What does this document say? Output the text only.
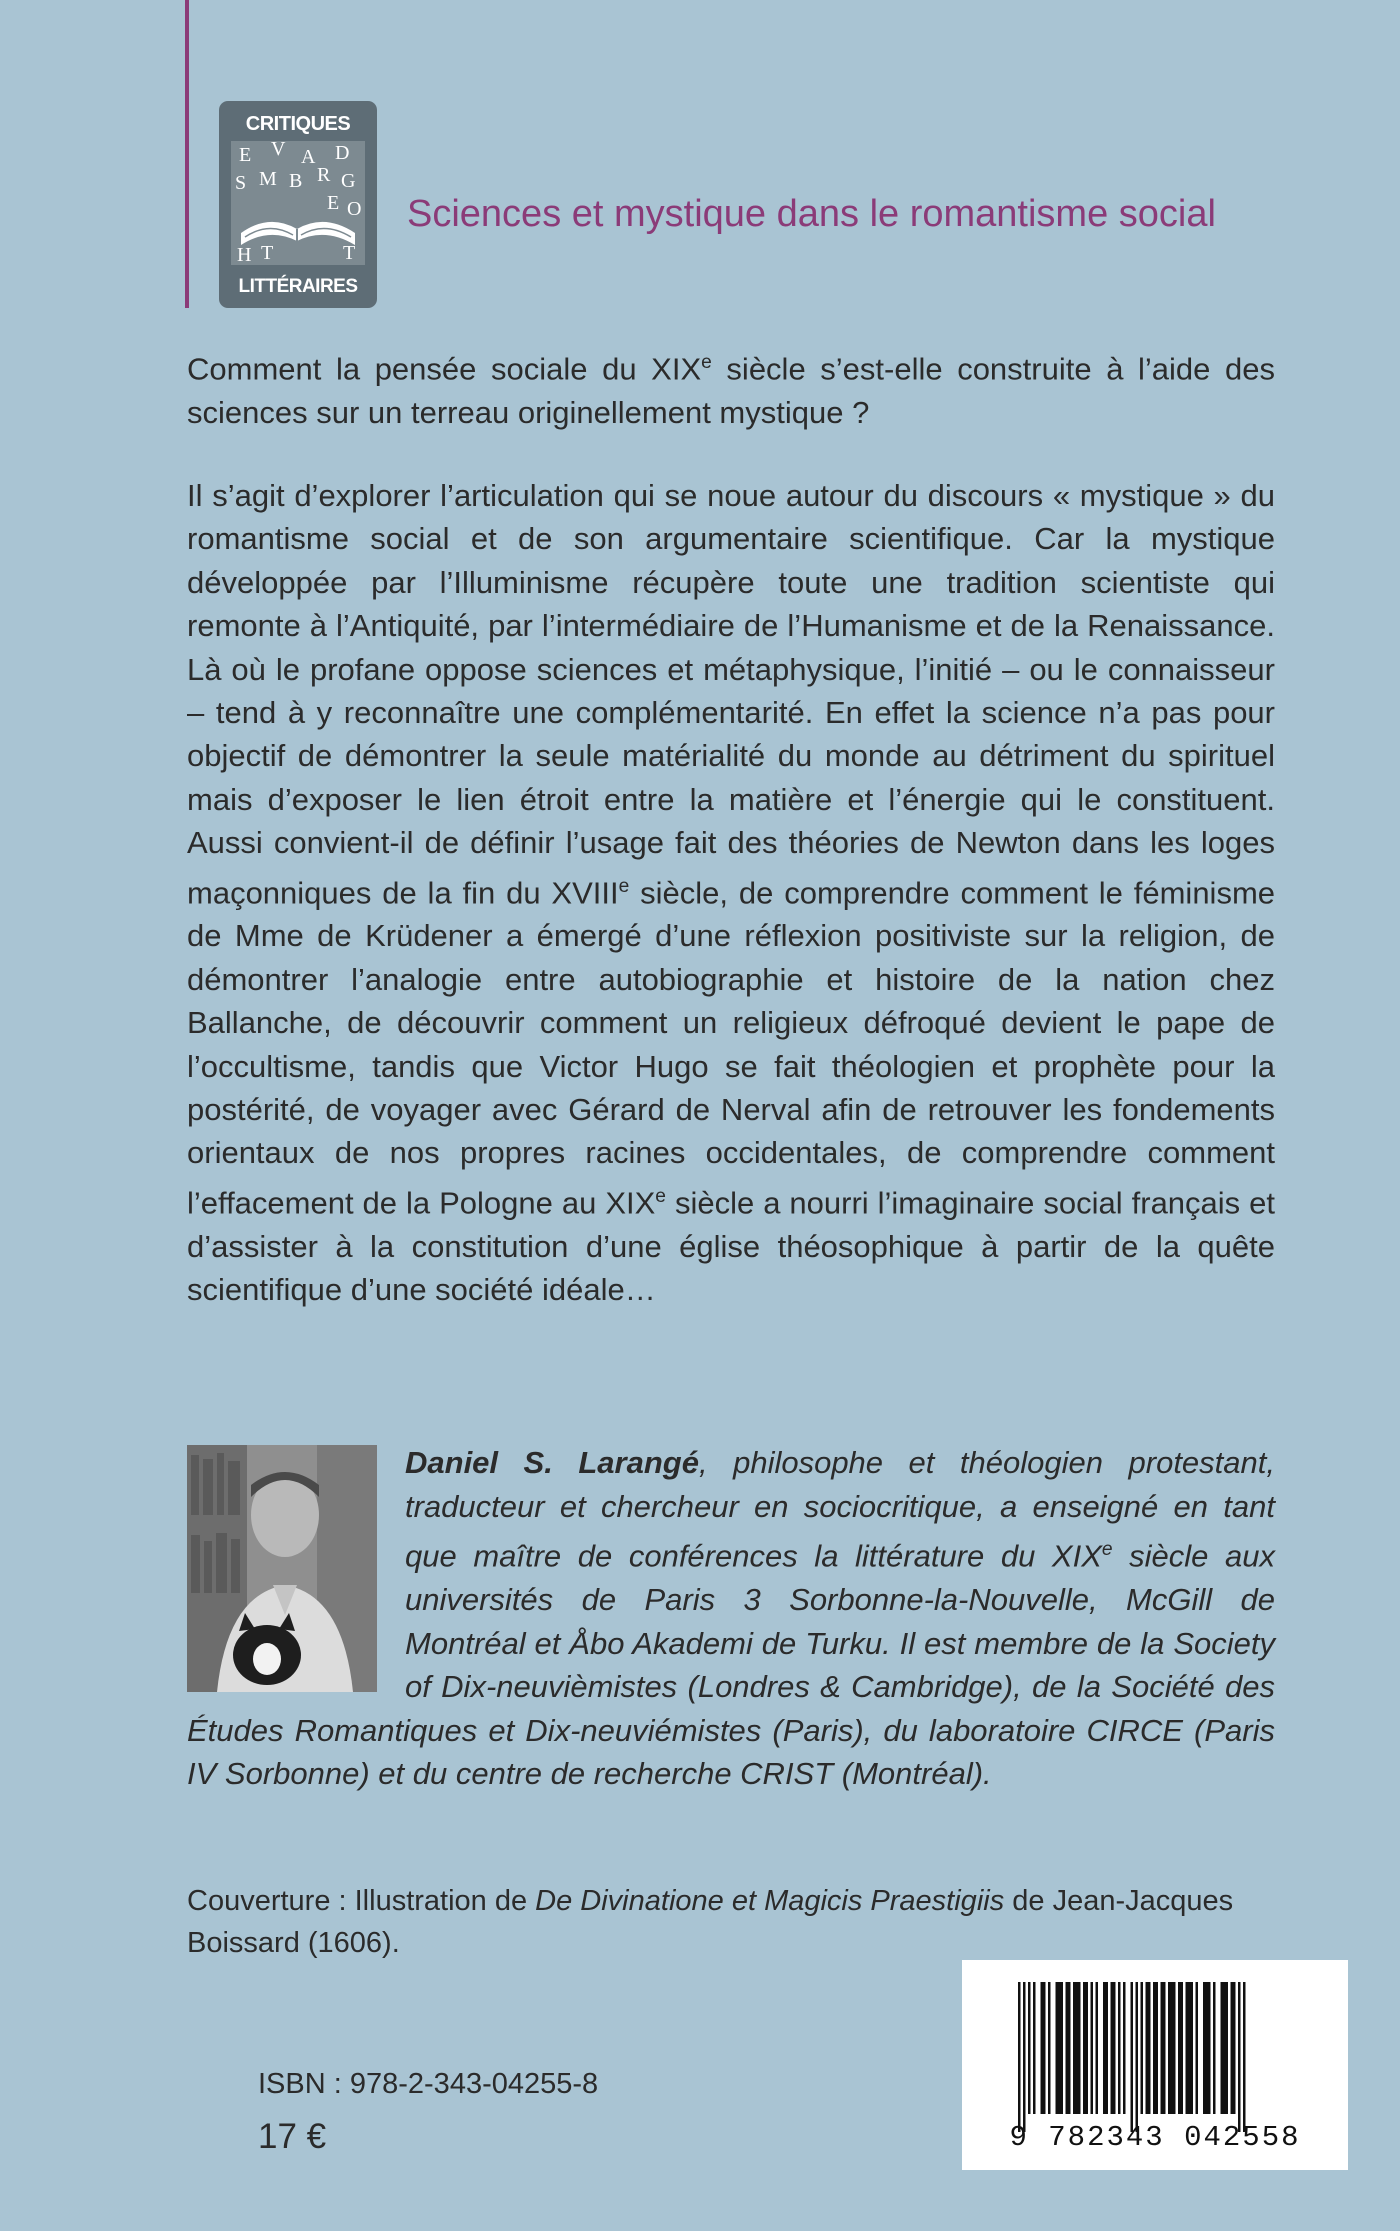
CRITIQUES
E V A D
S M B R G
E O
H T	T
LITTÉRAIRES
Sciences et mystique dans le romantisme social
Comment la pensée sociale du XIXe siècle s’est-elle construite à l’aide des sciences sur un terreau originellement mystique ?
Il s’agit d’explorer l’articulation qui se noue autour du discours « mystique » du romantisme social et de son argumentaire scientifique. Car la mystique développée par l’Illuminisme récupère toute une tradition scientiste qui remonte à l’Antiquité, par l’intermédiaire de l’Humanisme et de la Renaissance. Là où le profane oppose sciences et métaphysique, l’initié – ou le connaisseur – tend à y reconnaître une complémentarité. En effet la science n’a pas pour objectif de démontrer la seule matérialité du monde au détriment du spirituel mais d’exposer le lien étroit entre la matière et l’énergie qui le constituent. Aussi convient-il de définir l’usage fait des théories de Newton dans les loges maçonniques de la fin du XVIIIe siècle, de comprendre comment le féminisme de Mme de Krüdener a émergé d’une réflexion positiviste sur la religion, de démontrer l’analogie entre autobiographie et histoire de la nation chez Ballanche, de découvrir comment un religieux défroqué devient le pape de l’occultisme, tandis que Victor Hugo se fait théologien et prophète pour la postérité, de voyager avec Gérard de Nerval afin de retrouver les fondements orientaux de nos propres racines occidentales, de comprendre comment l’effacement de la Pologne au XIXe siècle a nourri l’imaginaire social français et d’assister à la constitution d’une église théosophique à partir de la quête scientifique d’une société idéale…
Daniel S. Larangé, philosophe et théologien protestant, traducteur et chercheur en sociocritique, a enseigné en tant que maître de conférences la littérature du XIXe siècle aux universités de Paris 3 Sorbonne-la-Nouvelle, McGill de Montréal et Åbo Akademi de Turku. Il est membre de la Society of Dix-neuvièmistes (Londres & Cambridge), de la Société des Études Romantiques et Dix-neuviémistes (Paris), du laboratoire CIRCE (Paris IV Sorbonne) et du centre de recherche CRIST (Montréal).
Couverture : Illustration de De Divinatione et Magicis Praestigiis de Jean-Jacques Boissard (1606).
ISBN : 978-2-343-04255-8
17 €	9 782343 042558
